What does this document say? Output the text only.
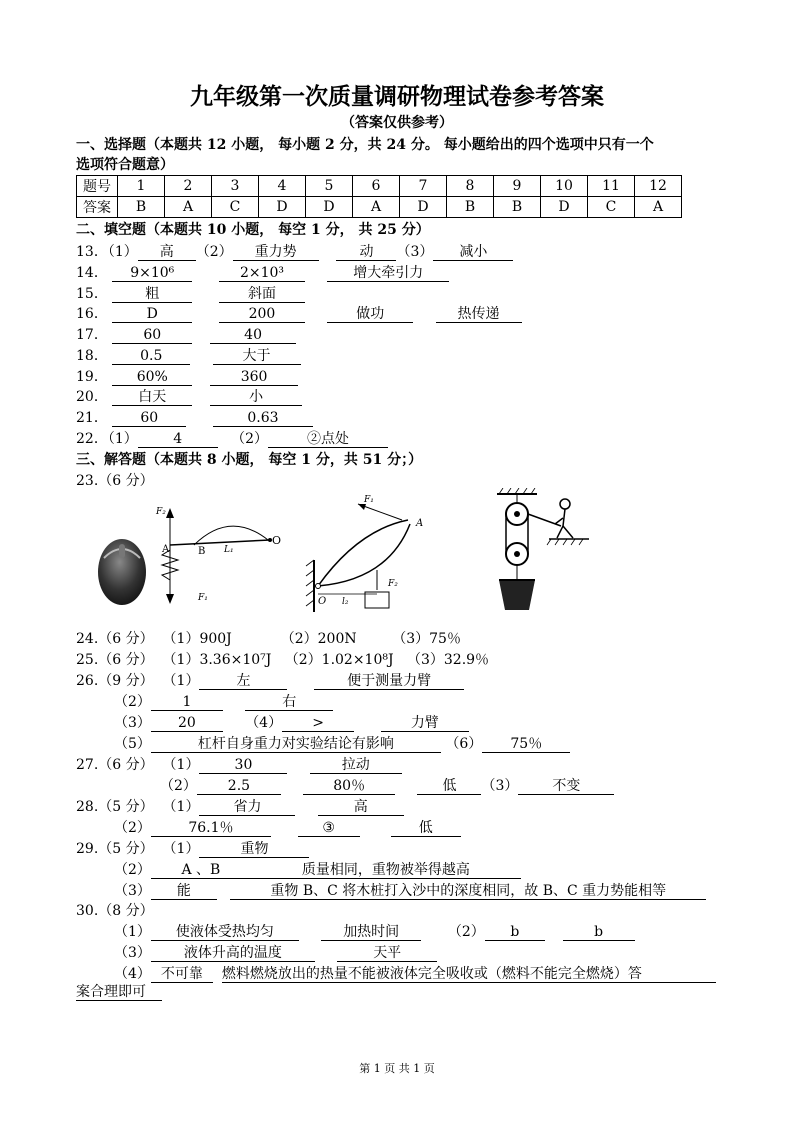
九年级第一次质量调研物理试卷参考答案
（答案仅供参考）
一、选择题（本题共 12 小题， 每小题 2 分，共 24 分。 每小题给出的四个选项中只有一个
选项符合题意）
题号	1	2	3	4	5	6	7	8	9	10	11	12
答案	B	A	C	D	D	A	D	B	B	D	C	A
二、填空题（本题共 10 小题， 每空 1 分， 共 25 分）
13．（1） 高 （2） 重力势	动 （3） 减小
14． 9×10⁶	2×10³	增大牵引力
15．	粗	斜面
16．	D	200	做功	热传递
17．	60	40
18． 0.5	大于
19． 60%	360
20． 白天	小
21． 60	0.63
22．（1）	4	（2）	②点处
三、解答题（本题共 8 小题， 每空 1 分，共 51 分；）
23.（6 分）
F₂
A	B L₁
O
F₁
F₁
A
O l₂
F₂
24.（6 分） （1）900J	（2）200N	（3）75％
25.（6 分） （1）3.36×10⁷J （2）1.02×10⁸J （3）32.9％
26.（9 分） （1）	左	便于测量力臂
（2） 1	右
（3） 20	（4） >	力臂
（5）	杠杆自身重力对实验结论有影响	（6） 75％
27.（6 分） （1）	30	拉动
（2） 2.5	80％	低 （3） 不变
28.（5 分） （1） 省力	高
（2）	76.1％	③	低
29.（5 分） （1）	重物
（2） A 、B	质量相同，重物被举得越高
（3） 能	重物 B、C 将木桩打入沙中的深度相同，故 B、C 重力势能相等
30.（8 分）
（1） 使液体受热均匀	加热时间	（2） b	b
（3） 液体升高的温度	天平
（4） 不可靠 燃料燃烧放出的热量不能被液体完全吸收或（燃料不能完全燃烧）答
案合理即可
第 1 页 共 1 页
